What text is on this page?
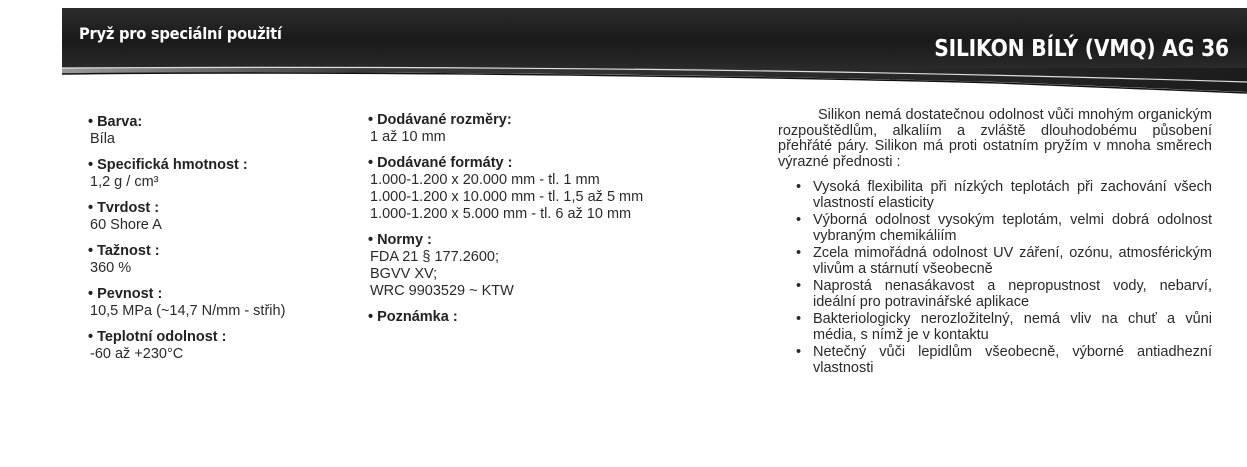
Pryž pro speciální použití
SILIKON BÍLÝ (VMQ) AG 36
• Barva:
Bíla
• Specifická hmotnost :
1,2 g / cm³
• Tvrdost :
60 Shore A
• Tažnost :
360 %
• Pevnost :
10,5 MPa (~14,7 N/mm - střih)
• Teplotní odolnost :
-60 až +230°C
• Dodávané rozměry:
1 až 10 mm
• Dodávané formáty :
1.000-1.200 x 20.000 mm - tl. 1 mm
1.000-1.200 x 10.000 mm - tl. 1,5 až 5 mm
1.000-1.200 x 5.000 mm - tl. 6 až 10 mm
• Normy :
FDA 21 § 177.2600;
BGVV XV;
WRC 9903529 ~ KTW
• Poznámka :

Silikon nemá dostatečnou odolnost vůči mnohým organickým rozpouštědlům, alkaliím a zvláště dlouhodobému působení přehřáté páry. Silikon má proti ostatním pryžím v mnoha směrech výrazné přednosti :

• Vysoká flexibilita při nízkých teplotách při zachování všech vlastností elasticity
• Výborná odolnost vysokým teplotám, velmi dobrá odolnost vybraným chemikáliím
• Zcela mimořádná odolnost UV záření, ozónu, atmosférickým vlivům a stárnutí všeobecně
• Naprostá nenasákavost a nepropustnost vody, nebarví, ideální pro potravinářské aplikace
• Bakteriologicky nerozložitelný, nemá vliv na chuť a vůni média, s nímž je v kontaktu
• Netečný vůči lepidlům všeobecně, výborné antiadhezní vlastnosti
